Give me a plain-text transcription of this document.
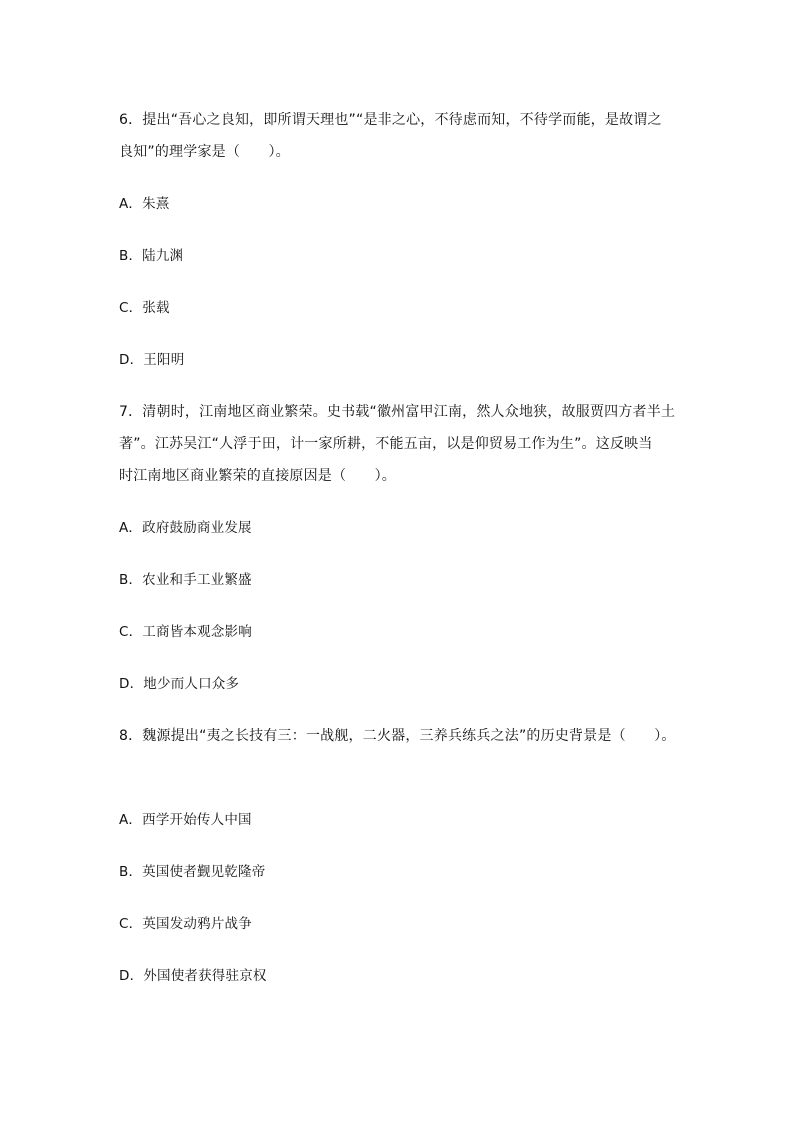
6．提出“吾心之良知，即所谓天理也”“是非之心，不待虑而知，不待学而能，是故谓之
良知”的理学家是（　　）。
A．朱熹
B．陆九渊
C．张载
D．王阳明
7．清朝时，江南地区商业繁荣。史书载“徽州富甲江南，然人众地狭，故服贾四方者半土
著”。江苏吴江“人浮于田，计一家所耕，不能五亩，以是仰贸易工作为生”。这反映当
时江南地区商业繁荣的直接原因是（　　）。
A．政府鼓励商业发展
B．农业和手工业繁盛
C．工商皆本观念影响
D．地少而人口众多
8．魏源提出“夷之长技有三：一战舰，二火器，三养兵练兵之法”的历史背景是（　　）。
A．西学开始传人中国
B．英国使者觐见乾隆帝
C．英国发动鸦片战争
D．外国使者获得驻京权
